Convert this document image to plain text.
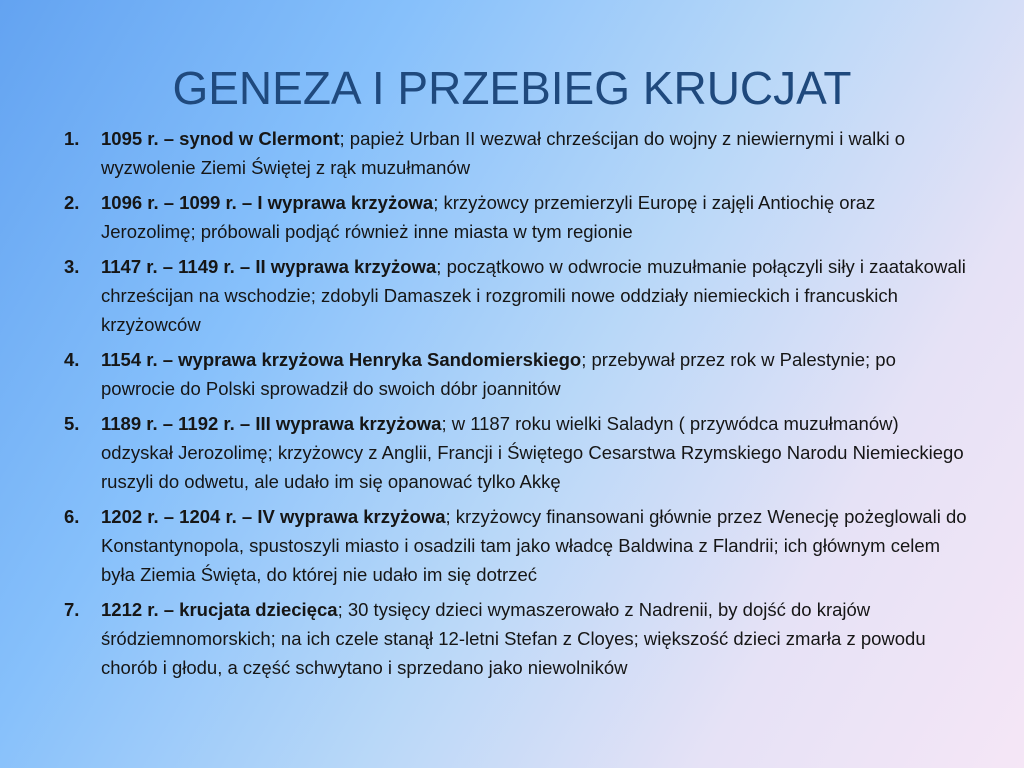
GENEZA I PRZEBIEG KRUCJAT
1. 1095 r. – synod w Clermont; papież Urban II wezwał chrześcijan do wojny z niewiernymi i walki o wyzwolenie Ziemi Świętej z rąk muzułmanów
2. 1096 r. – 1099 r. – I wyprawa krzyżowa; krzyżowcy przemierzyli Europę i zajęli Antiochię oraz Jerozolimę; próbowali podjąć również inne miasta w tym regionie
3. 1147 r. – 1149 r. – II wyprawa krzyżowa; początkowo w odwrocie muzułmanie połączyli siły i zaatakowali chrześcijan na wschodzie; zdobyli Damaszek i rozgromili nowe oddziały niemieckich i francuskich krzyżowców
4. 1154 r. – wyprawa krzyżowa Henryka Sandomierskiego; przebywał przez rok w Palestynie; po powrocie do Polski sprowadził do swoich dóbr joannitów
5. 1189 r. – 1192 r. – III wyprawa krzyżowa; w 1187 roku wielki Saladyn ( przywódca muzułmanów) odzyskał Jerozolimę; krzyżowcy z Anglii, Francji i Świętego Cesarstwa Rzymskiego Narodu Niemieckiego ruszyli do odwetu, ale udało im się opanować tylko Akkę
6. 1202 r. – 1204 r. – IV wyprawa krzyżowa; krzyżowcy finansowani głównie przez Wenecję pożeglowali do Konstantynopola, spustoszyli miasto i osadzili tam jako władcę Baldwina z Flandrii; ich głównym celem była Ziemia Święta, do której nie udało im się dotrzeć
7. 1212 r. – krucjata dziecięca; 30 tysięcy dzieci wymaszerowało z Nadrenii, by dojść do krajów śródziemnomorskich; na ich czele stanął 12-letni Stefan z Cloyes; większość dzieci zmarła z powodu chorób i głodu, a część schwytano i sprzedano jako niewolników
